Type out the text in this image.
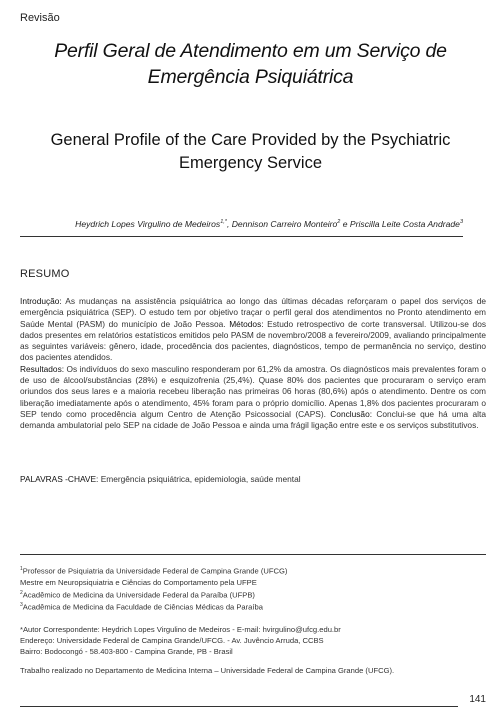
Revisão
Perfil Geral de Atendimento em um Serviço de Emergência Psiquiátrica
General Profile of the Care Provided by the Psychiatric Emergency Service
Heydrich Lopes Virgulino de Medeiros$^{1,*}$, Dennison Carreiro Monteiro$^2$ e Priscilla Leite Costa Andrade$^3$
RESUMO
Introdução: As mudanças na assistência psiquiátrica ao longo das últimas décadas reforçaram o papel dos serviços de emergência psiquiátrica (SEP). O estudo tem por objetivo traçar o perfil geral dos atendimentos no Pronto atendimento em Saúde Mental (PASM) do município de João Pessoa. Métodos: Estudo retrospectivo de corte transversal. Utilizou-se dos dados presentes em relatórios estatísticos emitidos pelo PASM de novembro/2008 a fevereiro/2009, avaliando principalmente as seguintes variáveis: gênero, idade, procedência dos pacientes, diagnósticos, tempo de permanência no serviço, destino dos pacientes atendidos.
Resultados: Os indivíduos do sexo masculino responderam por 61,2% da amostra. Os diagnósticos mais prevalentes foram o de uso de álcool/substâncias (28%) e esquizofrenia (25,4%). Quase 80% dos pacientes que procuraram o serviço eram oriundos dos seus lares e a maioria recebeu liberação nas primeiras 06 horas (80,6%) após o atendimento. Dentre os com liberação imediatamente após o atendimento, 45% foram para o próprio domicílio. Apenas 1,8% dos pacientes procuraram o SEP tendo como procedência algum Centro de Atenção Psicossocial (CAPS). Conclusão: Conclui-se que há uma alta demanda ambulatorial pelo SEP na cidade de João Pessoa e ainda uma frágil ligação entre este e os serviços substitutivos.
PALAVRAS -CHAVE: Emergência psiquiátrica, epidemiologia, saúde mental
$^1$Professor de Psiquiatria da Universidade Federal de Campina Grande (UFCG)
Mestre em Neuropsiquiatria e Ciências do Comportamento pela UFPE
$^2$Acadêmico de Medicina da Universidade Federal da Paraíba (UFPB)
$^3$Acadêmica de Medicina da Faculdade de Ciências Médicas da Paraíba
*Autor Correspondente: Heydrich Lopes Virgulino de Medeiros - E-mail: hvirgulino@ufcg.edu.br
Endereço: Universidade Federal de Campina Grande/UFCG. - Av. Juvêncio Arruda, CCBS
Bairro: Bodocongó - 58.403-800 - Campina Grande, PB - Brasil
Trabalho realizado no Departamento de Medicina Interna – Universidade Federal de Campina Grande (UFCG).
141
